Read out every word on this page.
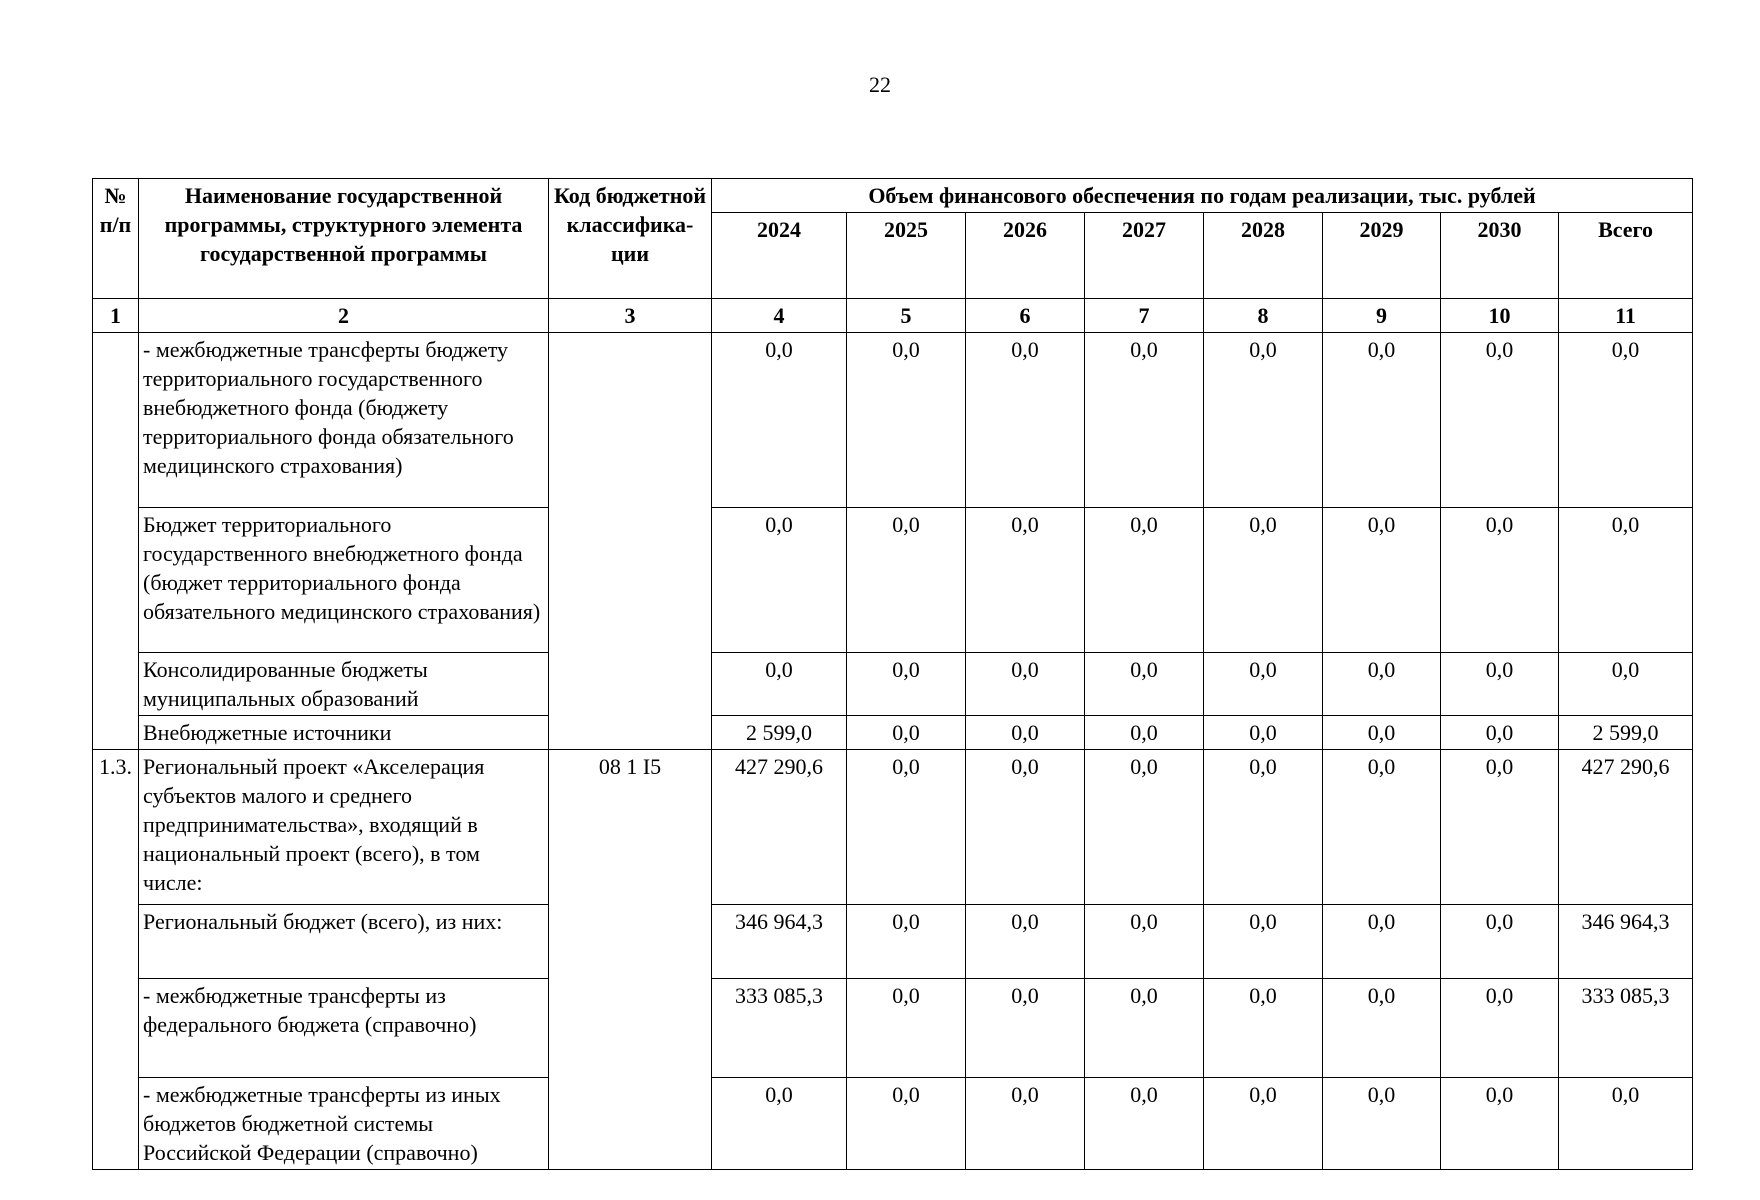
22
№ п/п	Наименование государственной программы, структурного элемента государственной программы	Код бюджетной классифика-ции	Объем финансового обеспечения по годам реализации, тыс. рублей							
			2024	2025	2026	2027	2028	2029	2030	Всего
1	2	3	4	5	6	7	8	9	10	11
	- межбюджетные трансферты бюджету территориального государственного внебюджетного фонда (бюджету территориального фонда обязательного медицинского страхования)		0,0	0,0	0,0	0,0	0,0	0,0	0,0	0,0
	Бюджет территориального государственного внебюджетного фонда (бюджет территориального фонда обязательного медицинского страхования)		0,0	0,0	0,0	0,0	0,0	0,0	0,0	0,0
	Консолидированные бюджеты муниципальных образований		0,0	0,0	0,0	0,0	0,0	0,0	0,0	0,0
	Внебюджетные источники		2 599,0	0,0	0,0	0,0	0,0	0,0	0,0	2 599,0
1.3.	Региональный проект «Акселерация субъектов малого и среднего предпринимательства», входящий в национальный проект (всего), в том числе:	08 1 I5	427 290,6	0,0	0,0	0,0	0,0	0,0	0,0	427 290,6
	Региональный бюджет (всего), из них:		346 964,3	0,0	0,0	0,0	0,0	0,0	0,0	346 964,3
	- межбюджетные трансферты из федерального бюджета (справочно)		333 085,3	0,0	0,0	0,0	0,0	0,0	0,0	333 085,3
	- межбюджетные трансферты из иных бюджетов бюджетной системы Российской Федерации (справочно)		0,0	0,0	0,0	0,0	0,0	0,0	0,0	0,0
